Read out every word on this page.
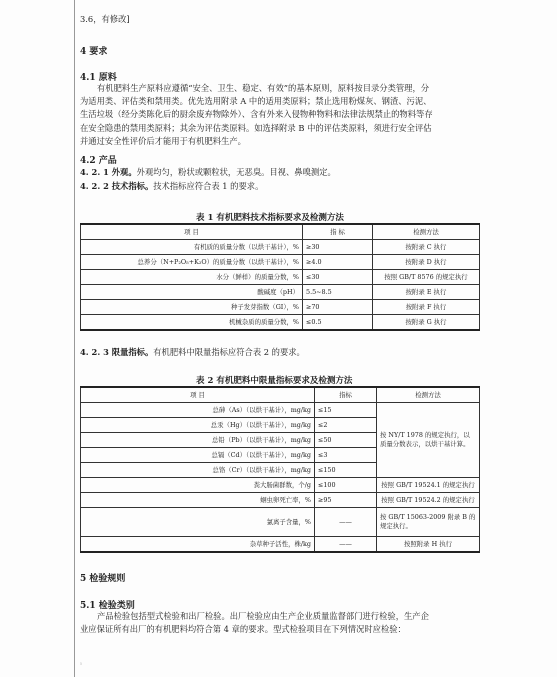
3.6，有修改]
4 要求
4.1 原料

有机肥料生产原料应遵循“安全、卫生、稳定、有效”的基本原则，原料按目录分类管理，分

为适用类、评估类和禁用类。优先选用附录 A 中的适用类原料；禁止选用粉煤灰、钢渣、污泥、

生活垃圾（经分类陈化后的厨余废弃物除外）、含有外来入侵物种物料和法律法规禁止的物料等存

在安全隐患的禁用类原料；其余为评估类原料。如选择附录 B 中的评估类原料，须进行安全评估

并通过安全性评价后才能用于有机肥料生产。

4.2 产品
4. 2. 1 外观。外观均匀，粉状或颗粒状，无恶臭。目视、鼻嗅测定。
4. 2. 2 技术指标。技术指标应符合表 1 的要求。
表 1 有机肥料技术指标要求及检测方法
项 目	指 标	检测方法
有机质的质量分数（以烘干基计），%	≥30	按附录 C 执行
总养分（N+P₂O₅+K₂O）的质量分数（以烘干基计），%	≥4.0	按附录 D 执行
水分（鲜样）的质量分数，%	≤30	按照 GB/T 8576 的规定执行
酸碱度（pH）	5.5~8.5	按附录 E 执行
种子发芽指数（GI），%	≥70	按附录 F 执行
机械杂质的质量分数，%	≤0.5	按附录 G 执行
4. 2. 3 限量指标。有机肥料中限量指标应符合表 2 的要求。
表 2 有机肥料中限量指标要求及检测方法
项 目	指标	检测方法
总砷（As）（以烘干基计），mg/kg	≤15	按 NY/T 1978 的规定执行，以质量分数表示，以烘干基计算。
总汞（Hg）（以烘干基计），mg/kg	≤2	
总铅（Pb）（以烘干基计），mg/kg	≤50	
总镉（Cd）（以烘干基计），mg/kg	≤3	
总铬（Cr）（以烘干基计），mg/kg	≤150	
粪大肠菌群数，个/g	≤100	按照 GB/T 19524.1 的规定执行
蛔虫卵死亡率，%	≥95	按照 GB/T 19524.2 的规定执行
氯离子含量，%	——	按 GB/T 15063-2009 附录 B 的规定执行。
杂草种子活性，株/kg	——	按照附录 H 执行
5 检验规则
5.1 检验类别

产品检验包括型式检验和出厂检验。出厂检验应由生产企业质量监督部门进行检验，生产企

业应保证所有出厂的有机肥料均符合第 4 章的要求。型式检验项目在下列情况时应检验：

¹
